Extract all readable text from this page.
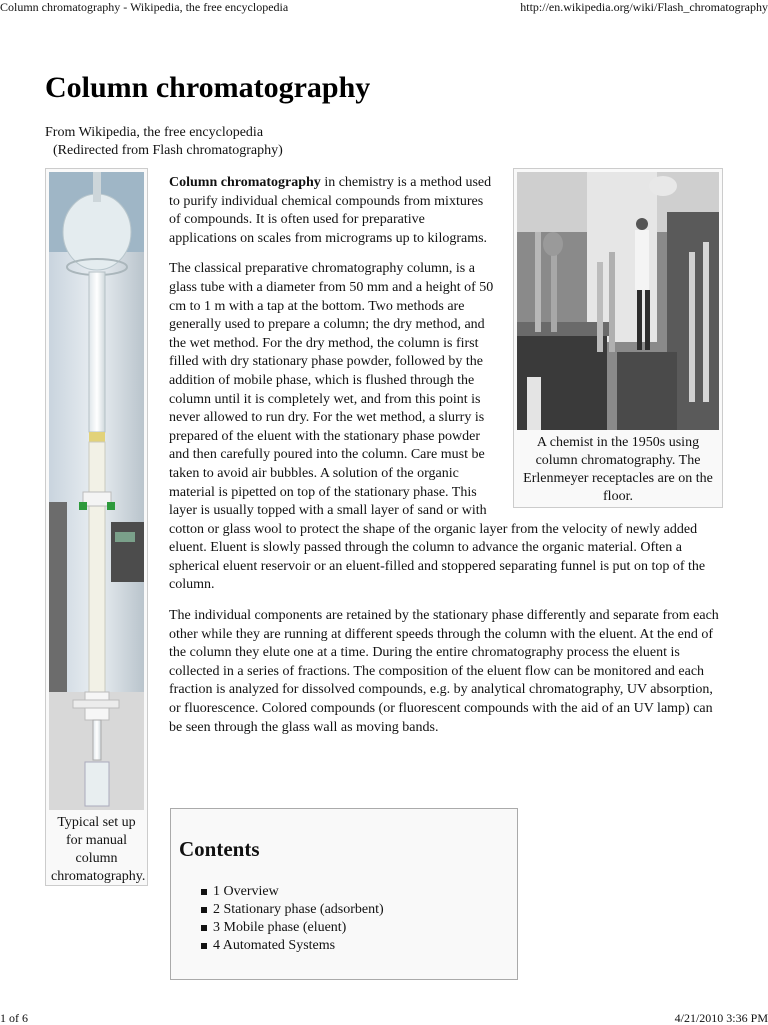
Column chromatography - Wikipedia, the free encyclopedia	http://en.wikipedia.org/wiki/Flash_chromatography
Column chromatography
From Wikipedia, the free encyclopedia
(Redirected from Flash chromatography)
Typical set up for manual column chromatography.
A chemist in the 1950s using column chromatography. The Erlenmeyer receptacles are on the floor.

Column chromatography in chemistry is a method used to purify individual chemical compounds from mixtures of compounds. It is often used for preparative applications on scales from micrograms up to kilograms.

The classical preparative chromatography column, is a glass tube with a diameter from 50 mm and a height of 50 cm to 1 m with a tap at the bottom. Two methods are generally used to prepare a column; the dry method, and the wet method. For the dry method, the column is first filled with dry stationary phase powder, followed by the addition of mobile phase, which is flushed through the column until it is completely wet, and from this point is never allowed to run dry. For the wet method, a slurry is prepared of the eluent with the stationary phase powder and then carefully poured into the column. Care must be taken to avoid air bubbles. A solution of the organic material is pipetted on top of the stationary phase. This layer is usually topped with a small layer of sand or with cotton or glass wool to protect the shape of the organic layer from the velocity of newly added eluent. Eluent is slowly passed through the column to advance the organic material. Often a spherical eluent reservoir or an eluent-filled and stoppered separating funnel is put on top of the column.

The individual components are retained by the stationary phase differently and separate from each other while they are running at different speeds through the column with the eluent. At the end of the column they elute one at a time. During the entire chromatography process the eluent is collected in a series of fractions. The composition of the eluent flow can be monitored and each fraction is analyzed for dissolved compounds, e.g. by analytical chromatography, UV absorption, or fluorescence. Colored compounds (or fluorescent compounds with the aid of an UV lamp) can be seen through the glass wall as moving bands.

Contents
1 Overview
2 Stationary phase (adsorbent)
3 Mobile phase (eluent)
4 Automated Systems
1 of 6	4/21/2010 3:36 PM
